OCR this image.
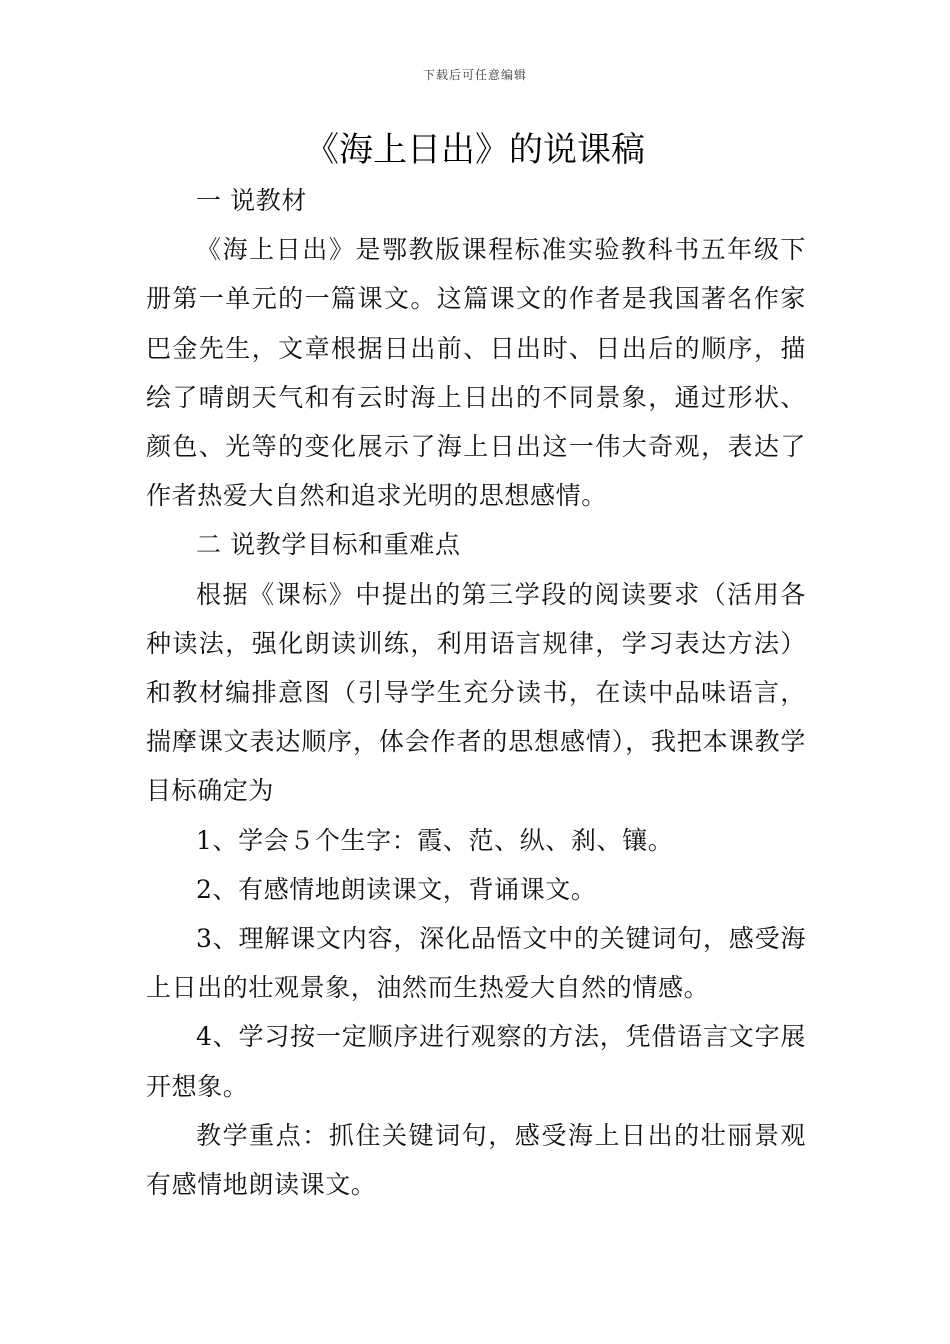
下载后可任意编辑
《海上日出》的说课稿

一 说教材

《海上日出》是鄂教版课程标准实验教科书五年级下册第一单元的一篇课文。这篇课文的作者是我国著名作家巴金先生，文章根据日出前、日出时、日出后的顺序，描绘了晴朗天气和有云时海上日出的不同景象，通过形状、颜色、光等的变化展示了海上日出这一伟大奇观，表达了作者热爱大自然和追求光明的思想感情。

二 说教学目标和重难点

根据《课标》中提出的第三学段的阅读要求（活用各种读法，强化朗读训练，利用语言规律，学习表达方法）和教材编排意图（引导学生充分读书，在读中品味语言，揣摩课文表达顺序，体会作者的思想感情），我把本课教学目标确定为

1、学会５个生字：霞、范、纵、刹、镶。

2、有感情地朗读课文，背诵课文。

3、理解课文内容，深化品悟文中的关键词句，感受海上日出的壮观景象，油然而生热爱大自然的情感。

4、学习按一定顺序进行观察的方法，凭借语言文字展开想象。

教学重点：抓住关键词句，感受海上日出的壮丽景观有感情地朗读课文。
